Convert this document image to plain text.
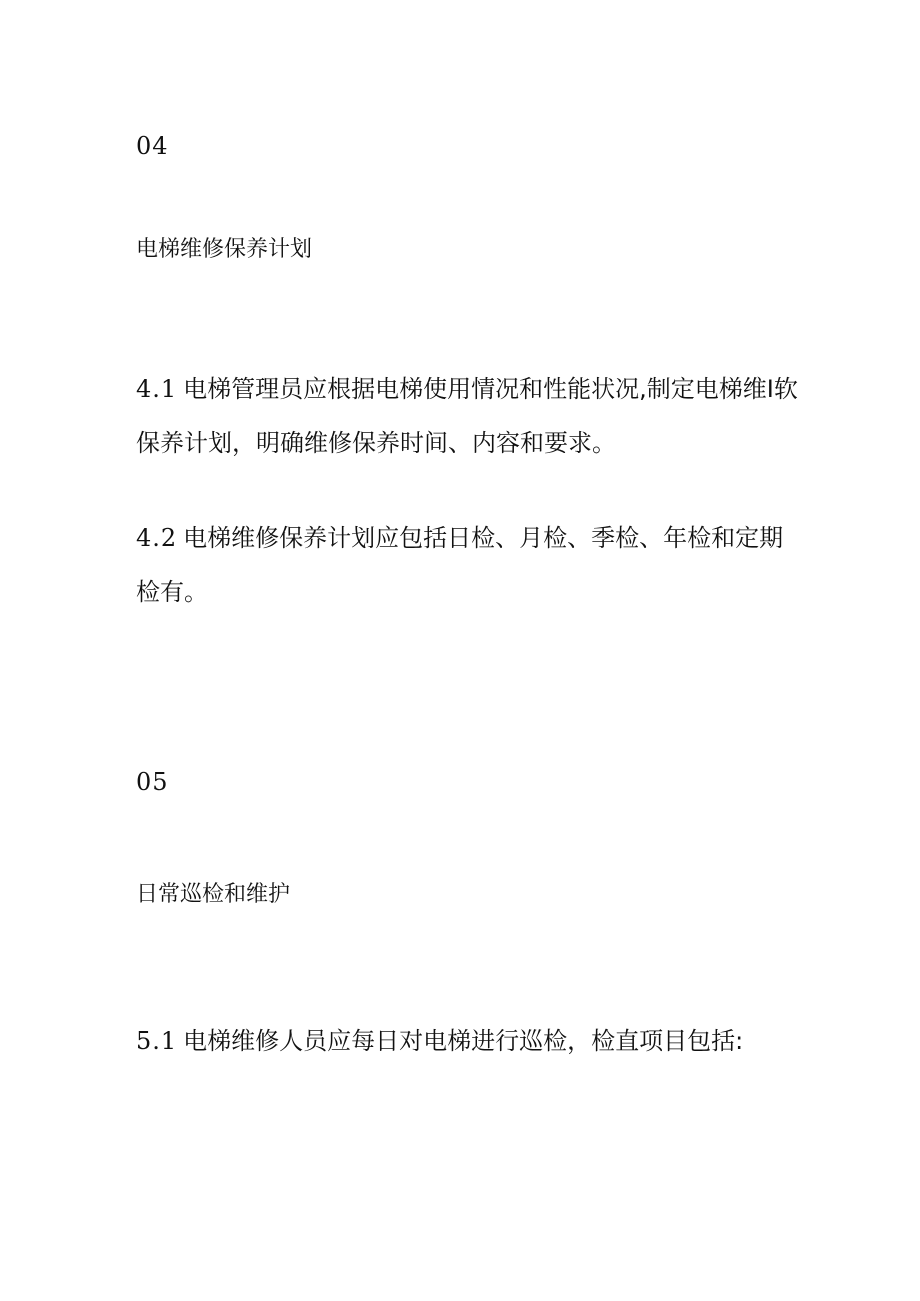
04
电梯维修保养计划
4.1 电梯管理员应根据电梯使用情况和性能状况,制定电梯维I软
保养计划，明确维修保养时间、内容和要求。
4.2 电梯维修保养计划应包括日检、月检、季检、年检和定期
检有。
05
日常巡检和维护
5.1 电梯维修人员应每日对电梯进行巡检，检直项目包括:
